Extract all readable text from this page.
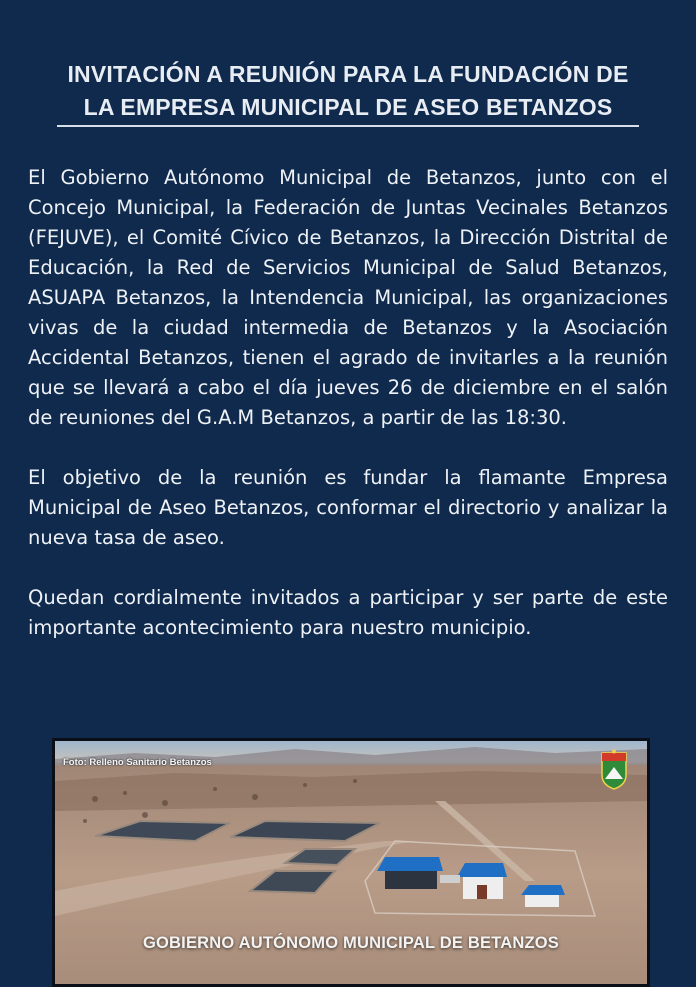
INVITACIÓN A REUNIÓN PARA LA FUNDACIÓN DE
LA EMPRESA MUNICIPAL DE ASEO BETANZOS

El Gobierno Autónomo Municipal de Betanzos, junto con el Concejo Municipal, la Federación de Juntas Vecinales Betanzos (FEJUVE), el Comité Cívico de Betanzos, la Dirección Distrital de Educación, la Red de Servicios Municipal de Salud Betanzos, ASUAPA Betanzos, la Intendencia Municipal, las organizaciones vivas de la ciudad intermedia de Betanzos y la Asociación Accidental Betanzos, tienen el agrado de invitarles a la reunión que se llevará a cabo el día jueves 26 de diciembre en el salón de reuniones del G.A.M Betanzos, a partir de las 18:30.

El objetivo de la reunión es fundar la flamante Empresa Municipal de Aseo Betanzos, conformar el directorio y analizar la nueva tasa de aseo.

Quedan cordialmente invitados a participar y ser parte de este importante acontecimiento para nuestro municipio.

Foto: Relleno Sanitario Betanzos
GOBIERNO AUTÓNOMO MUNICIPAL DE BETANZOS
